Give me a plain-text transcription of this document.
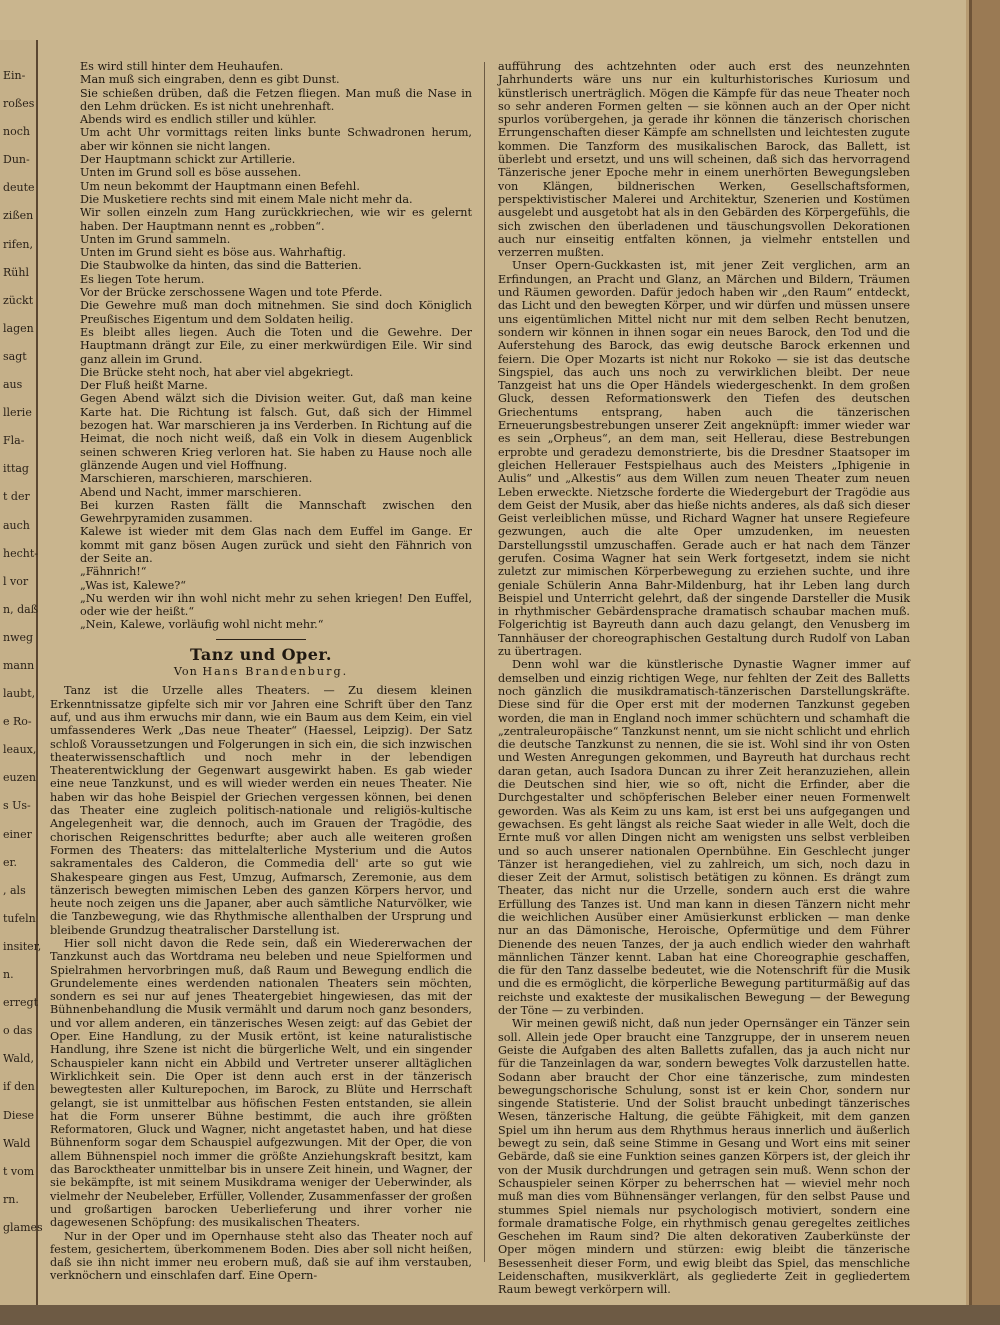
Ein-
roßes
noch
Dun-
deute
zißen
rifen,
Rühl
zückt
lagen
sagt
aus
llerie
Fla-
ittag
t der
auch
hecht-
l vor
n, daß
nweg
mann
laubt,
e Ro-
leaux,
euzen
s Us-
einer
er.
, als
tufeln
insiter,
n.
erregt
o das
Wald,
if den
Diese
Wald
t vom
rn.
glames

Es wird still hinter dem Heuhaufen.

Man muß sich eingraben, denn es gibt Dunst.

Sie schießen drüben, daß die Fetzen fliegen. Man muß die Nase in den Lehm drücken. Es ist nicht unehrenhaft.

Abends wird es endlich stiller und kühler.

Um acht Uhr vormittags reiten links bunte Schwadronen herum, aber wir können sie nicht langen.

Der Hauptmann schickt zur Artillerie.

Unten im Grund soll es böse aussehen.

Um neun bekommt der Hauptmann einen Befehl.

Die Musketiere rechts sind mit einem Male nicht mehr da.

Wir sollen einzeln zum Hang zurückkriechen, wie wir es gelernt haben. Der Hauptmann nennt es „robben“.

Unten im Grund sammeln.

Unten im Grund sieht es böse aus. Wahrhaftig.

Die Staubwolke da hinten, das sind die Batterien.

Es liegen Tote herum.

Vor der Brücke zerschossene Wagen und tote Pferde.

Die Gewehre muß man doch mitnehmen. Sie sind doch Königlich Preußisches Eigentum und dem Soldaten heilig.

Es bleibt alles liegen. Auch die Toten und die Gewehre. Der Hauptmann drängt zur Eile, zu einer merkwürdigen Eile. Wir sind ganz allein im Grund.

Die Brücke steht noch, hat aber viel abgekriegt.

Der Fluß heißt Marne.

Gegen Abend wälzt sich die Division weiter. Gut, daß man keine Karte hat. Die Richtung ist falsch. Gut, daß sich der Himmel bezogen hat. War marschieren ja ins Verderben. In Richtung auf die Heimat, die noch nicht weiß, daß ein Volk in diesem Augenblick seinen schweren Krieg verloren hat. Sie haben zu Hause noch alle glänzende Augen und viel Hoffnung.

Marschieren, marschieren, marschieren.

Abend und Nacht, immer marschieren.

Bei kurzen Rasten fällt die Mannschaft zwischen den Gewehrpyramiden zusammen.

Kalewe ist wieder mit dem Glas nach dem Euffel im Gange. Er kommt mit ganz bösen Augen zurück und sieht den Fähnrich von der Seite an.

„Fähnrich!“

„Was ist, Kalewe?“

„Nu werden wir ihn wohl nicht mehr zu sehen kriegen! Den Euffel, oder wie der heißt.“

„Nein, Kalewe, vorläufig wohl nicht mehr.“

Tanz und Oper.
Von Hans Brandenburg.

Tanz ist die Urzelle alles Theaters. — Zu diesem kleinen Erkenntnissatze gipfelte sich mir vor Jahren eine Schrift über den Tanz auf, und aus ihm erwuchs mir dann, wie ein Baum aus dem Keim, ein viel umfassenderes Werk „Das neue Theater“ (Haessel, Leipzig). Der Satz schloß Voraussetzungen und Folgerungen in sich ein, die sich inzwischen theaterwissenschaftlich und noch mehr in der lebendigen Theaterentwicklung der Gegenwart ausgewirkt haben. Es gab wieder eine neue Tanzkunst, und es will wieder werden ein neues Theater. Nie haben wir das hohe Beispiel der Griechen vergessen können, bei denen das Theater eine zugleich politisch-nationale und religiös-kultische Angelegenheit war, die dennoch, auch im Grauen der Tragödie, des chorischen Reigenschrittes bedurfte; aber auch alle weiteren großen Formen des Theaters: das mittelalterliche Mysterium und die Autos sakramentales des Calderon, die Commedia dell' arte so gut wie Shakespeare gingen aus Fest, Umzug, Aufmarsch, Zeremonie, aus dem tänzerisch bewegten mimischen Leben des ganzen Körpers hervor, und heute noch zeigen uns die Japaner, aber auch sämtliche Naturvölker, wie die Tanzbewegung, wie das Rhythmische allenthalben der Ursprung und bleibende Grundzug theatralischer Darstellung ist.

Hier soll nicht davon die Rede sein, daß ein Wiedererwachen der Tanzkunst auch das Wortdrama neu beleben und neue Spielformen und Spielrahmen hervorbringen muß, daß Raum und Bewegung endlich die Grundelemente eines werdenden nationalen Theaters sein möchten, sondern es sei nur auf jenes Theatergebiet hingewiesen, das mit der Bühnenbehandlung die Musik vermählt und darum noch ganz besonders, und vor allem anderen, ein tänzerisches Wesen zeigt: auf das Gebiet der Oper. Eine Handlung, zu der Musik ertönt, ist keine naturalistische Handlung, ihre Szene ist nicht die bürgerliche Welt, und ein singender Schauspieler kann nicht ein Abbild und Vertreter unserer alltäglichen Wirklichkeit sein. Die Oper ist denn auch erst in der tänzerisch bewegtesten aller Kulturepochen, im Barock, zu Blüte und Herrschaft gelangt, sie ist unmittelbar aus höfischen Festen entstanden, sie allein hat die Form unserer Bühne bestimmt, die auch ihre größten Reformatoren, Gluck und Wagner, nicht angetastet haben, und hat diese Bühnenform sogar dem Schauspiel aufgezwungen. Mit der Oper, die von allem Bühnenspiel noch immer die größte Anziehungskraft besitzt, kam das Barocktheater unmittelbar bis in unsere Zeit hinein, und Wagner, der sie bekämpfte, ist mit seinem Musikdrama weniger der Ueberwinder, als vielmehr der Neubeleber, Erfüller, Vollender, Zusammenfasser der großen und großartigen barocken Ueberlieferung und ihrer vorher nie dagewesenen Schöpfung: des musikalischen Theaters.

Nur in der Oper und im Opernhause steht also das Theater noch auf festem, gesichertem, überkommenem Boden. Dies aber soll nicht heißen, daß sie ihn nicht immer neu erobern muß, daß sie auf ihm verstauben, verknöchern und einschlafen darf. Eine Opern-

aufführung des achtzehnten oder auch erst des neunzehnten Jahrhunderts wäre uns nur ein kulturhistorisches Kuriosum und künstlerisch unerträglich. Mögen die Kämpfe für das neue Theater noch so sehr anderen Formen gelten — sie können auch an der Oper nicht spurlos vorübergehen, ja gerade ihr können die tänzerisch chorischen Errungenschaften dieser Kämpfe am schnellsten und leichtesten zugute kommen. Die Tanzform des musikalischen Barock, das Ballett, ist überlebt und ersetzt, und uns will scheinen, daß sich das hervorragend Tänzerische jener Epoche mehr in einem unerhörten Bewegungsleben von Klängen, bildnerischen Werken, Gesellschaftsformen, perspektivistischer Malerei und Architektur, Szenerien und Kostümen ausgelebt und ausgetobt hat als in den Gebärden des Körpergefühls, die sich zwischen den überladenen und täuschungsvollen Dekorationen auch nur einseitig entfalten können, ja vielmehr entstellen und verzerren mußten.

Unser Opern-Guckkasten ist, mit jener Zeit verglichen, arm an Erfindungen, an Pracht und Glanz, an Märchen und Bildern, Träumen und Räumen geworden. Dafür jedoch haben wir „den Raum“ entdeckt, das Licht und den bewegten Körper, und wir dürfen und müssen unsere uns eigentümlichen Mittel nicht nur mit dem selben Recht benutzen, sondern wir können in ihnen sogar ein neues Barock, den Tod und die Auferstehung des Barock, das ewig deutsche Barock erkennen und feiern. Die Oper Mozarts ist nicht nur Rokoko — sie ist das deutsche Singspiel, das auch uns noch zu verwirklichen bleibt. Der neue Tanzgeist hat uns die Oper Händels wiedergeschenkt. In dem großen Gluck, dessen Reformationswerk den Tiefen des deutschen Griechentums entsprang, haben auch die tänzerischen Erneuerungsbestrebungen unserer Zeit angeknüpft: immer wieder war es sein „Orpheus“, an dem man, seit Hellerau, diese Bestrebungen erprobte und geradezu demonstrierte, bis die Dresdner Staatsoper im gleichen Hellerauer Festspielhaus auch des Meisters „Iphigenie in Aulis“ und „Alkestis“ aus dem Willen zum neuen Theater zum neuen Leben erweckte. Nietzsche forderte die Wiedergeburt der Tragödie aus dem Geist der Musik, aber das hieße nichts anderes, als daß sich dieser Geist verleiblichen müsse, und Richard Wagner hat unsere Regiefeure gezwungen, auch die alte Oper umzudenken, im neuesten Darstellungsstil umzuschaffen. Gerade auch er hat nach dem Tänzer gerufen. Cosima Wagner hat sein Werk fortgesetzt, indem sie nicht zuletzt zur mimischen Körperbewegung zu erziehen suchte, und ihre geniale Schülerin Anna Bahr-Mildenburg, hat ihr Leben lang durch Beispiel und Unterricht gelehrt, daß der singende Darsteller die Musik in rhythmischer Gebärdensprache dramatisch schaubar machen muß. Folgerichtig ist Bayreuth dann auch dazu gelangt, den Venusberg im Tannhäuser der choreographischen Gestaltung durch Rudolf von Laban zu übertragen.

Denn wohl war die künstlerische Dynastie Wagner immer auf demselben und einzig richtigen Wege, nur fehlten der Zeit des Balletts noch gänzlich die musikdramatisch-tänzerischen Darstellungskräfte. Diese sind für die Oper erst mit der modernen Tanzkunst gegeben worden, die man in England noch immer schüchtern und schamhaft die „zentraleuropäische“ Tanzkunst nennt, um sie nicht schlicht und ehrlich die deutsche Tanzkunst zu nennen, die sie ist. Wohl sind ihr von Osten und Westen Anregungen gekommen, und Bayreuth hat durchaus recht daran getan, auch Isadora Duncan zu ihrer Zeit heranzuziehen, allein die Deutschen sind hier, wie so oft, nicht die Erfinder, aber die Durchgestalter und schöpferischen Beleber einer neuen Formenwelt geworden. Was als Keim zu uns kam, ist erst bei uns aufgegangen und gewachsen. Es geht längst als reiche Saat wieder in alle Welt, doch die Ernte muß vor allen Dingen nicht am wenigsten uns selbst verbleiben und so auch unserer nationalen Opernbühne. Ein Geschlecht junger Tänzer ist herangediehen, viel zu zahlreich, um sich, noch dazu in dieser Zeit der Armut, solistisch betätigen zu können. Es drängt zum Theater, das nicht nur die Urzelle, sondern auch erst die wahre Erfüllung des Tanzes ist. Und man kann in diesen Tänzern nicht mehr die weichlichen Ausüber einer Amüsierkunst erblicken — man denke nur an das Dämonische, Heroische, Opfermütige und dem Führer Dienende des neuen Tanzes, der ja auch endlich wieder den wahrhaft männlichen Tänzer kennt. Laban hat eine Choreographie geschaffen, die für den Tanz dasselbe bedeutet, wie die Notenschrift für die Musik und die es ermöglicht, die körperliche Bewegung partiturmäßig auf das reichste und exakteste der musikalischen Bewegung — der Bewegung der Töne — zu verbinden.

Wir meinen gewiß nicht, daß nun jeder Opernsänger ein Tänzer sein soll. Allein jede Oper braucht eine Tanzgruppe, der in unserem neuen Geiste die Aufgaben des alten Balletts zufallen, das ja auch nicht nur für die Tanzeinlagen da war, sondern bewegtes Volk darzustellen hatte. Sodann aber braucht der Chor eine tänzerische, zum mindesten bewegungschorische Schulung, sonst ist er kein Chor, sondern nur singende Statisterie. Und der Solist braucht unbedingt tänzerisches Wesen, tänzerische Haltung, die geübte Fähigkeit, mit dem ganzen Spiel um ihn herum aus dem Rhythmus heraus innerlich und äußerlich bewegt zu sein, daß seine Stimme in Gesang und Wort eins mit seiner Gebärde, daß sie eine Funktion seines ganzen Körpers ist, der gleich ihr von der Musik durchdrungen und getragen sein muß. Wenn schon der Schauspieler seinen Körper zu beherrschen hat — wieviel mehr noch muß man dies vom Bühnensänger verlangen, für den selbst Pause und stummes Spiel niemals nur psychologisch motiviert, sondern eine formale dramatische Folge, ein rhythmisch genau geregeltes zeitliches Geschehen im Raum sind? Die alten dekorativen Zauberkünste der Oper mögen mindern und stürzen: ewig bleibt die tänzerische Besessenheit dieser Form, und ewig bleibt das Spiel, das menschliche Leidenschaften, musikverklärt, als gegliederte Zeit in gegliedertem Raum bewegt verkörpern will.
